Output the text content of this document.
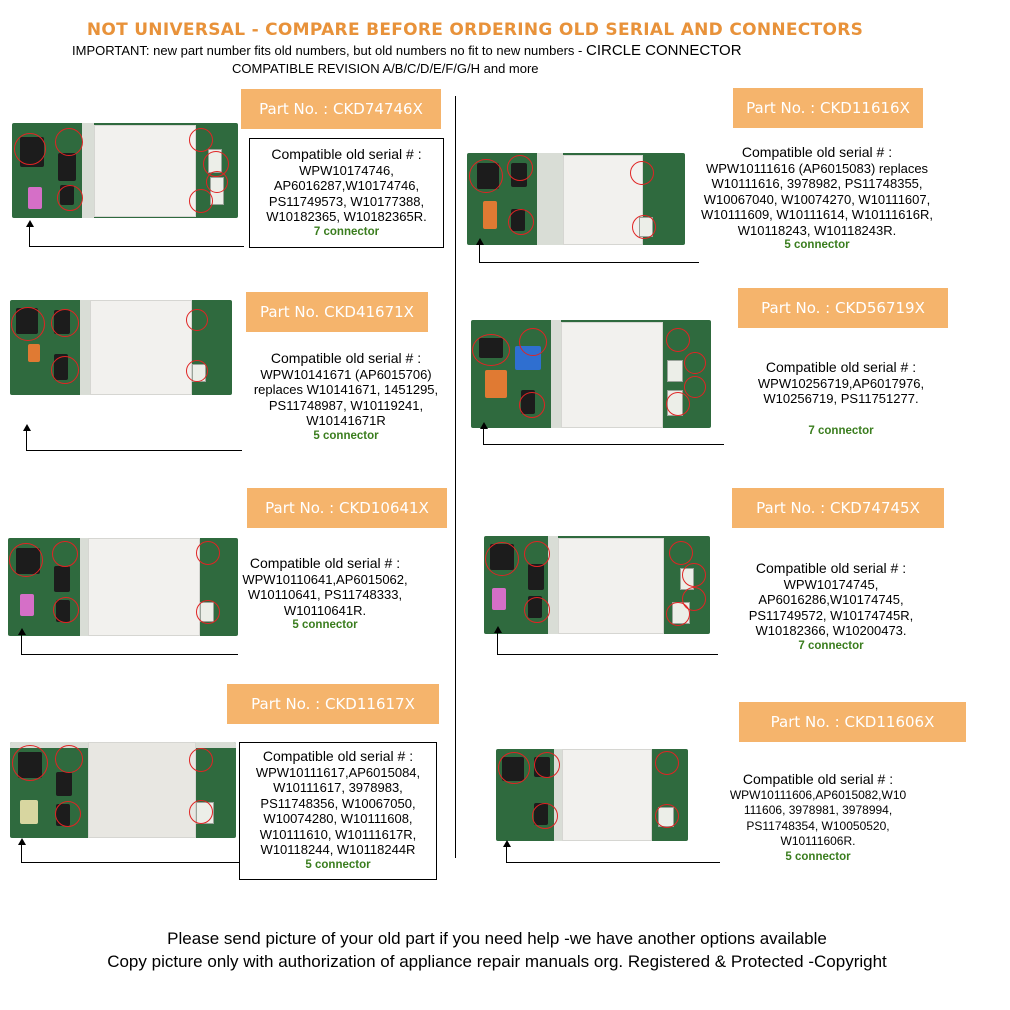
NOT UNIVERSAL - COMPARE BEFORE ORDERING OLD SERIAL AND CONNECTORS
IMPORTANT: new part number fits old numbers, but old numbers no fit to new numbers - CIRCLE CONNECTOR
COMPATIBLE REVISION A/B/C/D/E/F/G/H and more
Part No. : CKD74746X
Compatible old serial # :
WPW10174746,
AP6016287,W10174746,
PS11749573, W10177388,
W10182365, W10182365R.
7 connector
Part No. : CKD11616X
Compatible old serial # :
WPW10111616 (AP6015083) replaces
W10111616, 3978982, PS11748355,
W10067040, W10074270, W10111607,
W10111609, W10111614, W10111616R,
W10118243, W10118243R.
5 connector
Part No. CKD41671X
Compatible old serial # :
WPW10141671 (AP6015706)
replaces W10141671, 1451295,
PS11748987, W10119241,
W10141671R
5 connector
Part No. : CKD56719X
Compatible old serial # :
WPW10256719,AP6017976,
W10256719, PS11751277.
7 connector
Part No. : CKD10641X
Compatible old serial # :
WPW10110641,AP6015062,
W10110641, PS11748333,
W10110641R.
5 connector
Part No. : CKD74745X
Compatible old serial # :
WPW10174745,
AP6016286,W10174745,
PS11749572, W10174745R,
W10182366, W10200473.
7 connector
Part No. : CKD11617X
Compatible old serial # :
WPW10111617,AP6015084,
W10111617, 3978983,
PS11748356, W10067050,
W10074280, W10111608,
W10111610, W10111617R,
W10118244, W10118244R
5 connector
Part No. : CKD11606X
Compatible old serial # :
WPW10111606,AP6015082,W10
111606, 3978981, 3978994,
PS11748354, W10050520,
W10111606R.
5 connector
Please send picture of your old part if you need help -we have another options available
Copy picture only with authorization of appliance repair manuals org. Registered & Protected -Copyright
